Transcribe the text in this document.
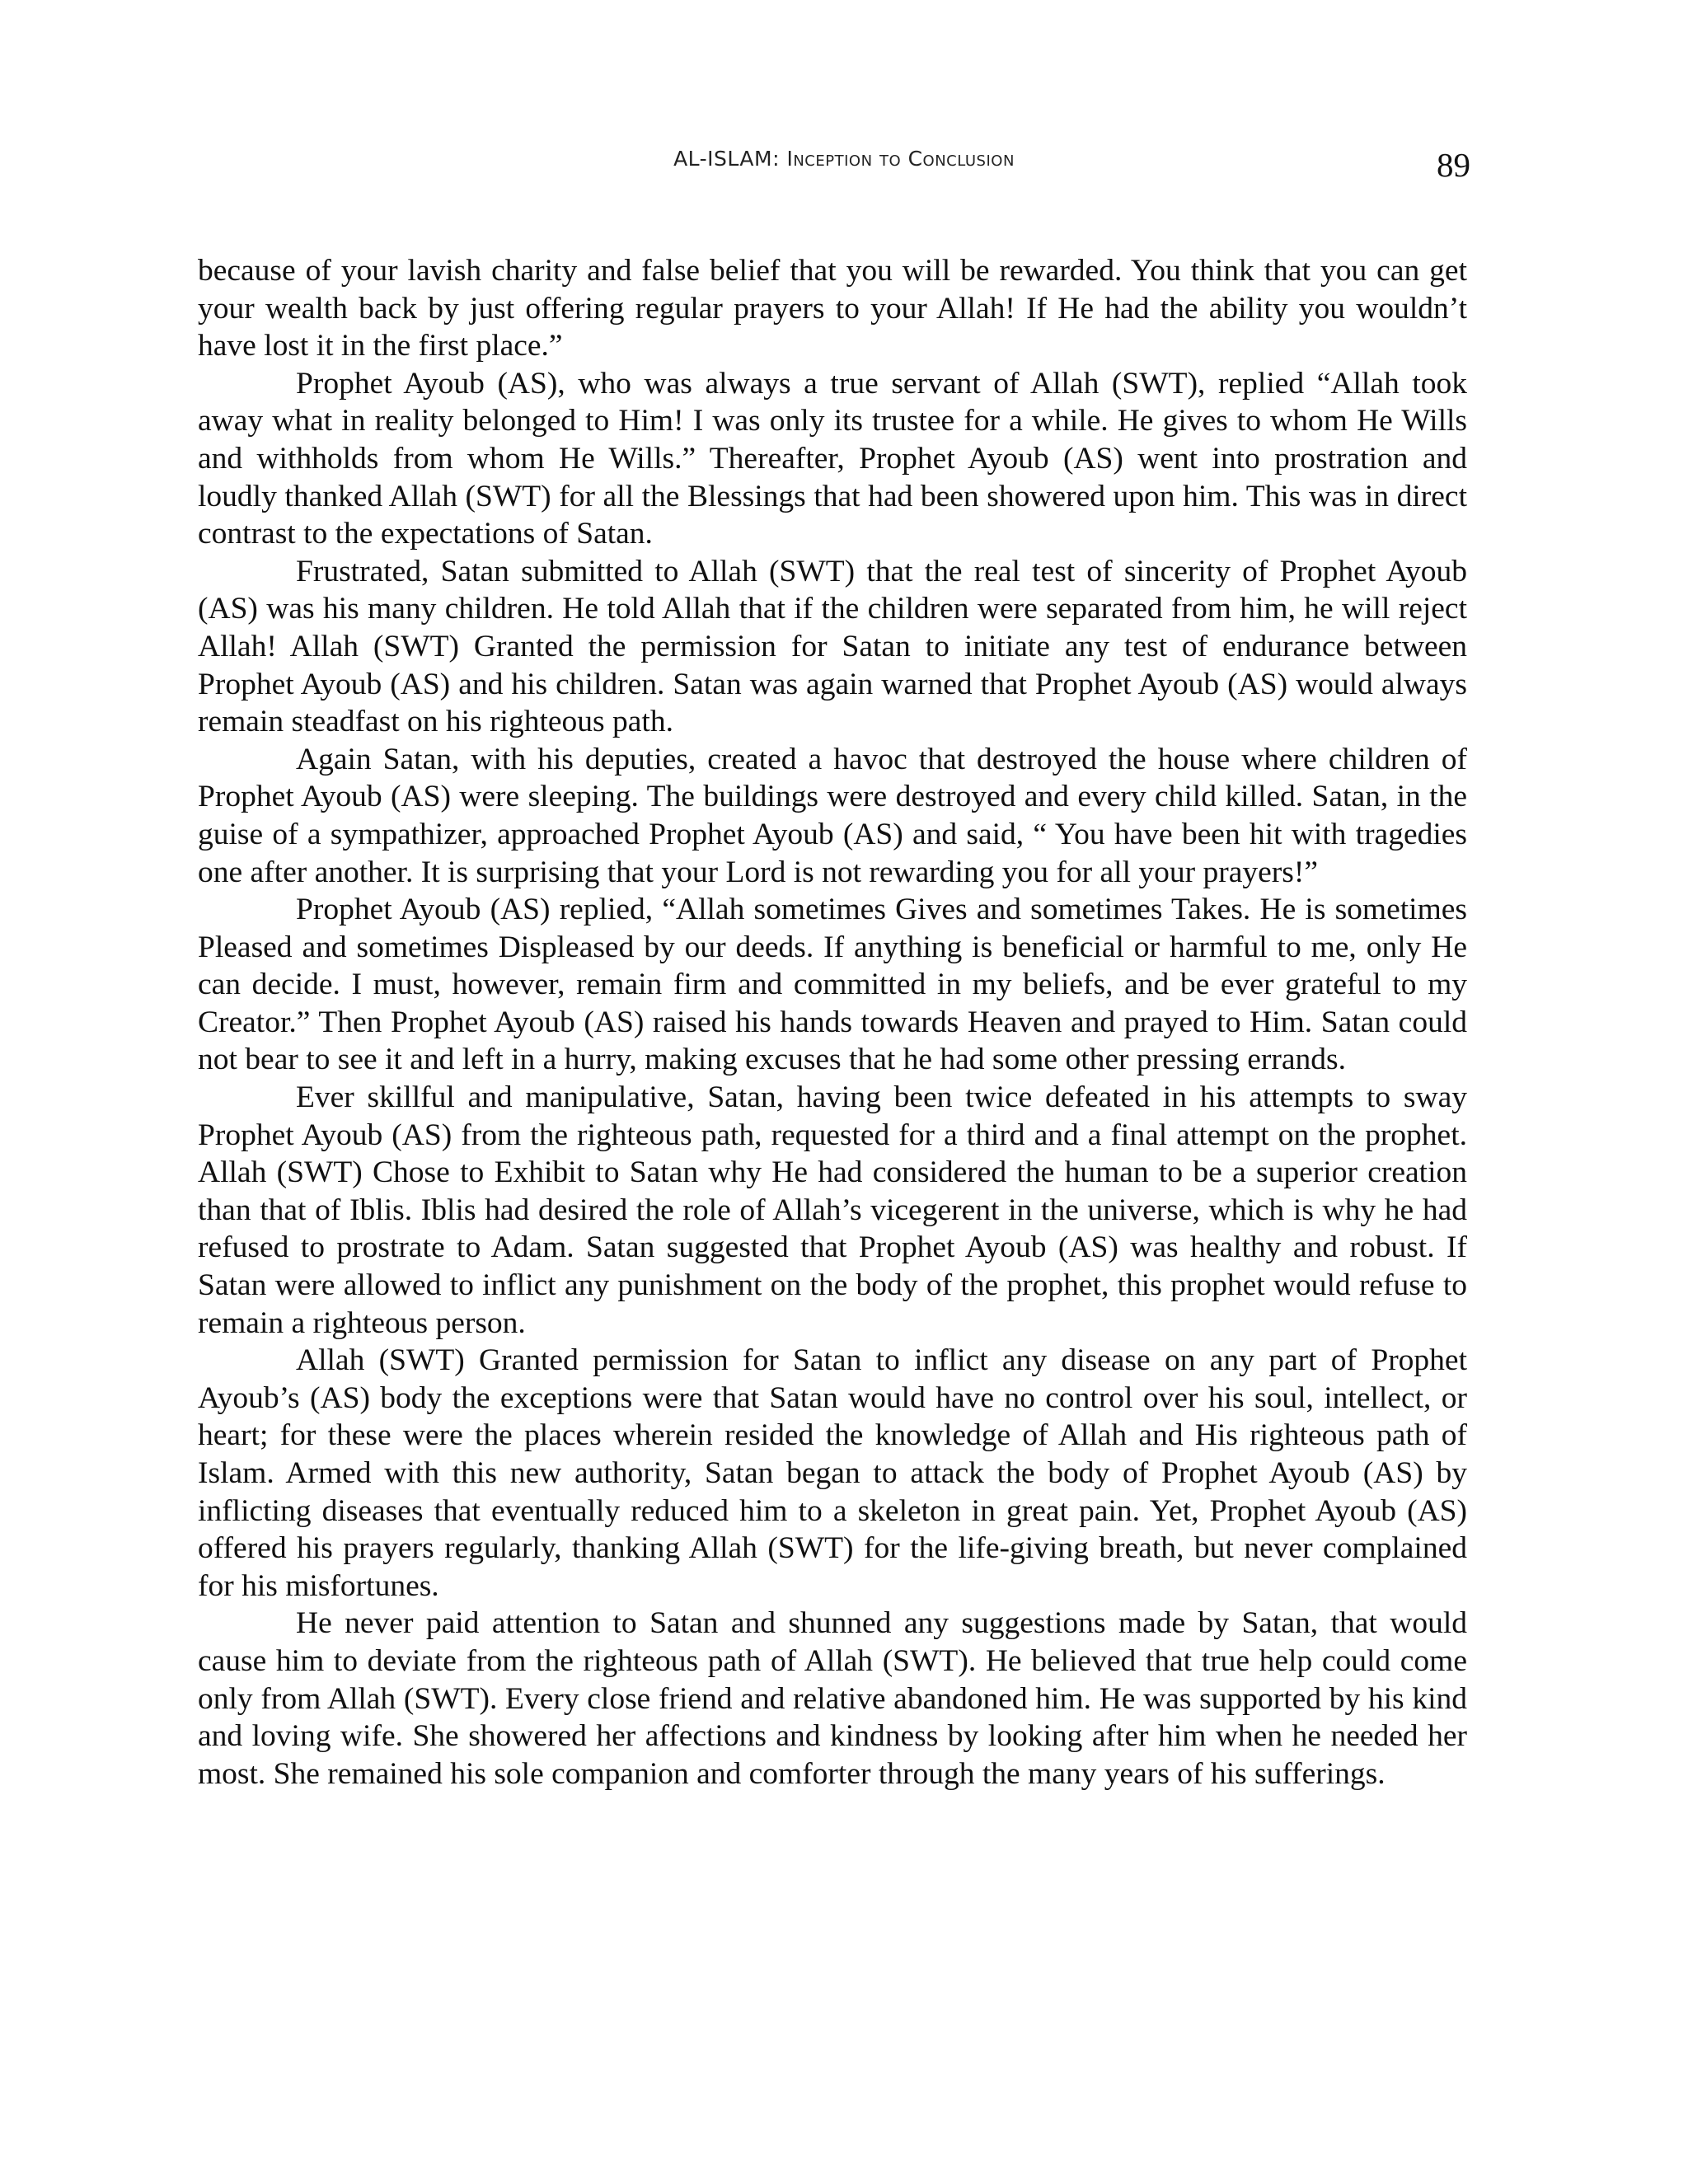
AL-ISLAM: Inception to Conclusion	89

because of your lavish charity and false belief that you will be rewarded. You think that you can get your wealth back by just offering regular prayers to your Allah! If He had the ability you wouldn’t have lost it in the first place.”

Prophet Ayoub (AS), who was always a true servant of Allah (SWT), replied “Allah took away what in reality belonged to Him! I was only its trustee for a while. He gives to whom He Wills and withholds from whom He Wills.” Thereafter, Prophet Ayoub (AS) went into prostration and loudly thanked Allah (SWT) for all the Blessings that had been showered upon him. This was in direct contrast to the expectations of Satan.

Frustrated, Satan submitted to Allah (SWT) that the real test of sincerity of Prophet Ayoub (AS) was his many children. He told Allah that if the children were separated from him, he will reject Allah! Allah (SWT) Granted the permission for Satan to initiate any test of endurance between Prophet Ayoub (AS) and his children. Satan was again warned that Prophet Ayoub (AS) would always remain steadfast on his righteous path.

Again Satan, with his deputies, created a havoc that destroyed the house where children of Prophet Ayoub (AS) were sleeping. The buildings were destroyed and every child killed. Satan, in the guise of a sympathizer, approached Prophet Ayoub (AS) and said, “ You have been hit with tragedies one after another. It is surprising that your Lord is not rewarding you for all your prayers!”

Prophet Ayoub (AS) replied, “Allah sometimes Gives and sometimes Takes. He is sometimes Pleased and sometimes Displeased by our deeds. If anything is beneficial or harmful to me, only He can decide. I must, however, remain firm and committed in my beliefs, and be ever grateful to my Creator.” Then Prophet Ayoub (AS) raised his hands towards Heaven and prayed to Him. Satan could not bear to see it and left in a hurry, making excuses that he had some other pressing errands.

Ever skillful and manipulative, Satan, having been twice defeated in his attempts to sway Prophet Ayoub (AS) from the righteous path, requested for a third and a final attempt on the prophet. Allah (SWT) Chose to Exhibit to Satan why He had considered the human to be a superior creation than that of Iblis. Iblis had desired the role of Allah’s vicegerent in the universe, which is why he had refused to prostrate to Adam. Satan suggested that Prophet Ayoub (AS) was healthy and robust. If Satan were allowed to inflict any punishment on the body of the prophet, this prophet would refuse to remain a righteous person.

Allah (SWT) Granted permission for Satan to inflict any disease on any part of Prophet Ayoub’s (AS) body the exceptions were that Satan would have no control over his soul, intellect, or heart; for these were the places wherein resided the knowledge of Allah and His righteous path of Islam. Armed with this new authority, Satan began to attack the body of Prophet Ayoub (AS) by inflicting diseases that eventually reduced him to a skeleton in great pain. Yet, Prophet Ayoub (AS) offered his prayers regularly, thanking Allah (SWT) for the life-giving breath, but never complained for his misfortunes.

He never paid attention to Satan and shunned any suggestions made by Satan, that would cause him to deviate from the righteous path of Allah (SWT). He believed that true help could come only from Allah (SWT). Every close friend and relative abandoned him. He was supported by his kind and loving wife. She showered her affections and kindness by looking after him when he needed her most. She remained his sole companion and comforter through the many years of his sufferings.
